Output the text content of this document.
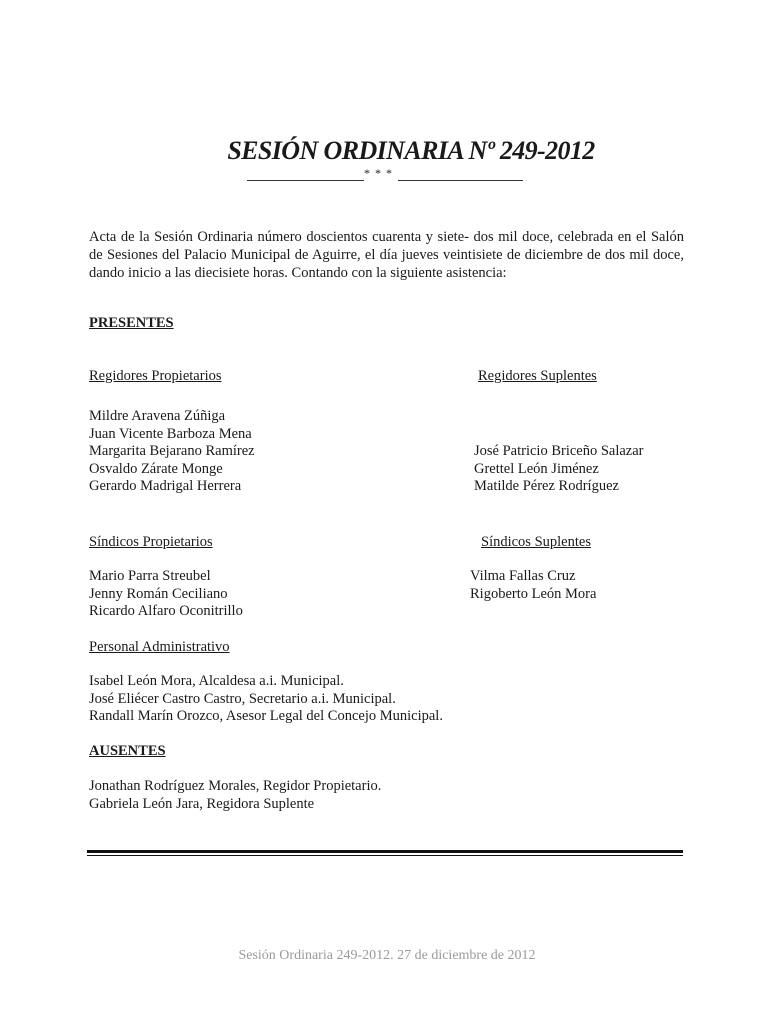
SESIÓN ORDINARIA Nº 249-2012
* * *
Acta de la Sesión Ordinaria número doscientos cuarenta y siete- dos mil doce, celebrada en el Salón de Sesiones del Palacio Municipal de Aguirre, el día jueves veintisiete de diciembre de dos mil doce, dando inicio a las diecisiete horas. Contando con la siguiente asistencia:
PRESENTES
Regidores Propietarios	Regidores Suplentes
Mildre Aravena Zúñiga
Juan Vicente Barboza Mena
Margarita Bejarano Ramírez
Osvaldo Zárate Monge
Gerardo Madrigal Herrera
José Patricio Briceño Salazar
Grettel León Jiménez
Matilde Pérez Rodríguez
Síndicos Propietarios	Síndicos Suplentes
Mario Parra Streubel
Jenny Román Ceciliano
Ricardo Alfaro Oconitrillo
Vilma Fallas Cruz
Rigoberto León Mora
Personal Administrativo
Isabel León Mora, Alcaldesa a.i. Municipal.
José Eliécer Castro Castro, Secretario a.i. Municipal.
Randall Marín Orozco, Asesor Legal del Concejo Municipal.
AUSENTES
Jonathan Rodríguez Morales, Regidor Propietario.
Gabriela León Jara, Regidora Suplente
Sesión Ordinaria 249-2012. 27 de diciembre de 2012
